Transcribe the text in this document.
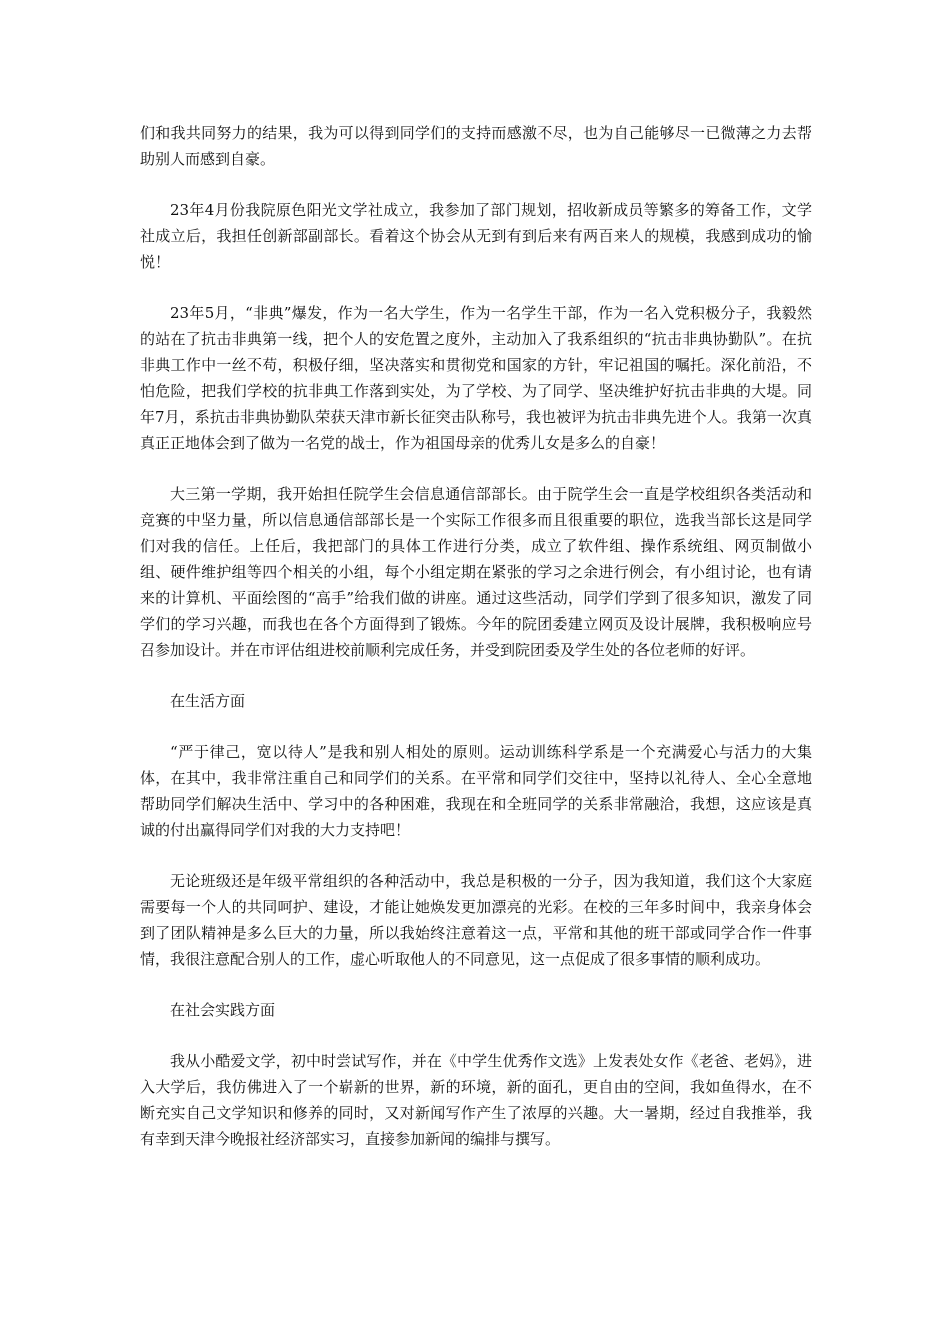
们和我共同努力的结果，我为可以得到同学们的支持而感激不尽，也为自己能够尽一已微薄之力去帮助别人而感到自豪。

23年4月份我院原色阳光文学社成立，我参加了部门规划，招收新成员等繁多的筹备工作，文学社成立后，我担任创新部副部长。看着这个协会从无到有到后来有两百来人的规模，我感到成功的愉悦！

23年5月，“非典”爆发，作为一名大学生，作为一名学生干部，作为一名入党积极分子，我毅然的站在了抗击非典第一线，把个人的安危置之度外，主动加入了我系组织的“抗击非典协勤队”。在抗非典工作中一丝不苟，积极仔细，坚决落实和贯彻党和国家的方针，牢记祖国的嘱托。深化前沿，不怕危险，把我们学校的抗非典工作落到实处，为了学校、为了同学、坚决维护好抗击非典的大堤。同年7月，系抗击非典协勤队荣获天津市新长征突击队称号，我也被评为抗击非典先进个人。我第一次真真正正地体会到了做为一名党的战士，作为祖国母亲的优秀儿女是多么的自豪！

大三第一学期，我开始担任院学生会信息通信部部长。由于院学生会一直是学校组织各类活动和竞赛的中坚力量，所以信息通信部部长是一个实际工作很多而且很重要的职位，选我当部长这是同学们对我的信任。上任后，我把部门的具体工作进行分类，成立了软件组、操作系统组、网页制做小组、硬件维护组等四个相关的小组，每个小组定期在紧张的学习之余进行例会，有小组讨论，也有请来的计算机、平面绘图的“高手”给我们做的讲座。通过这些活动，同学们学到了很多知识，激发了同学们的学习兴趣，而我也在各个方面得到了锻炼。今年的院团委建立网页及设计展牌，我积极响应号召参加设计。并在市评估组进校前顺利完成任务，并受到院团委及学生处的各位老师的好评。

在生活方面

“严于律己，宽以待人”是我和别人相处的原则。运动训练科学系是一个充满爱心与活力的大集体，在其中，我非常注重自己和同学们的关系。在平常和同学们交往中，坚持以礼待人、全心全意地帮助同学们解决生活中、学习中的各种困难，我现在和全班同学的关系非常融洽，我想，这应该是真诚的付出赢得同学们对我的大力支持吧！

无论班级还是年级平常组织的各种活动中，我总是积极的一分子，因为我知道，我们这个大家庭需要每一个人的共同呵护、建设，才能让她焕发更加漂亮的光彩。在校的三年多时间中，我亲身体会到了团队精神是多么巨大的力量，所以我始终注意着这一点，平常和其他的班干部或同学合作一件事情，我很注意配合别人的工作，虚心听取他人的不同意见，这一点促成了很多事情的顺利成功。

在社会实践方面

我从小酷爱文学，初中时尝试写作，并在《中学生优秀作文选》上发表处女作《老爸、老妈》，进入大学后，我仿佛进入了一个崭新的世界，新的环境，新的面孔，更自由的空间，我如鱼得水，在不断充实自己文学知识和修养的同时，又对新闻写作产生了浓厚的兴趣。大一暑期，经过自我推举，我有幸到天津今晚报社经济部实习，直接参加新闻的编排与撰写。
